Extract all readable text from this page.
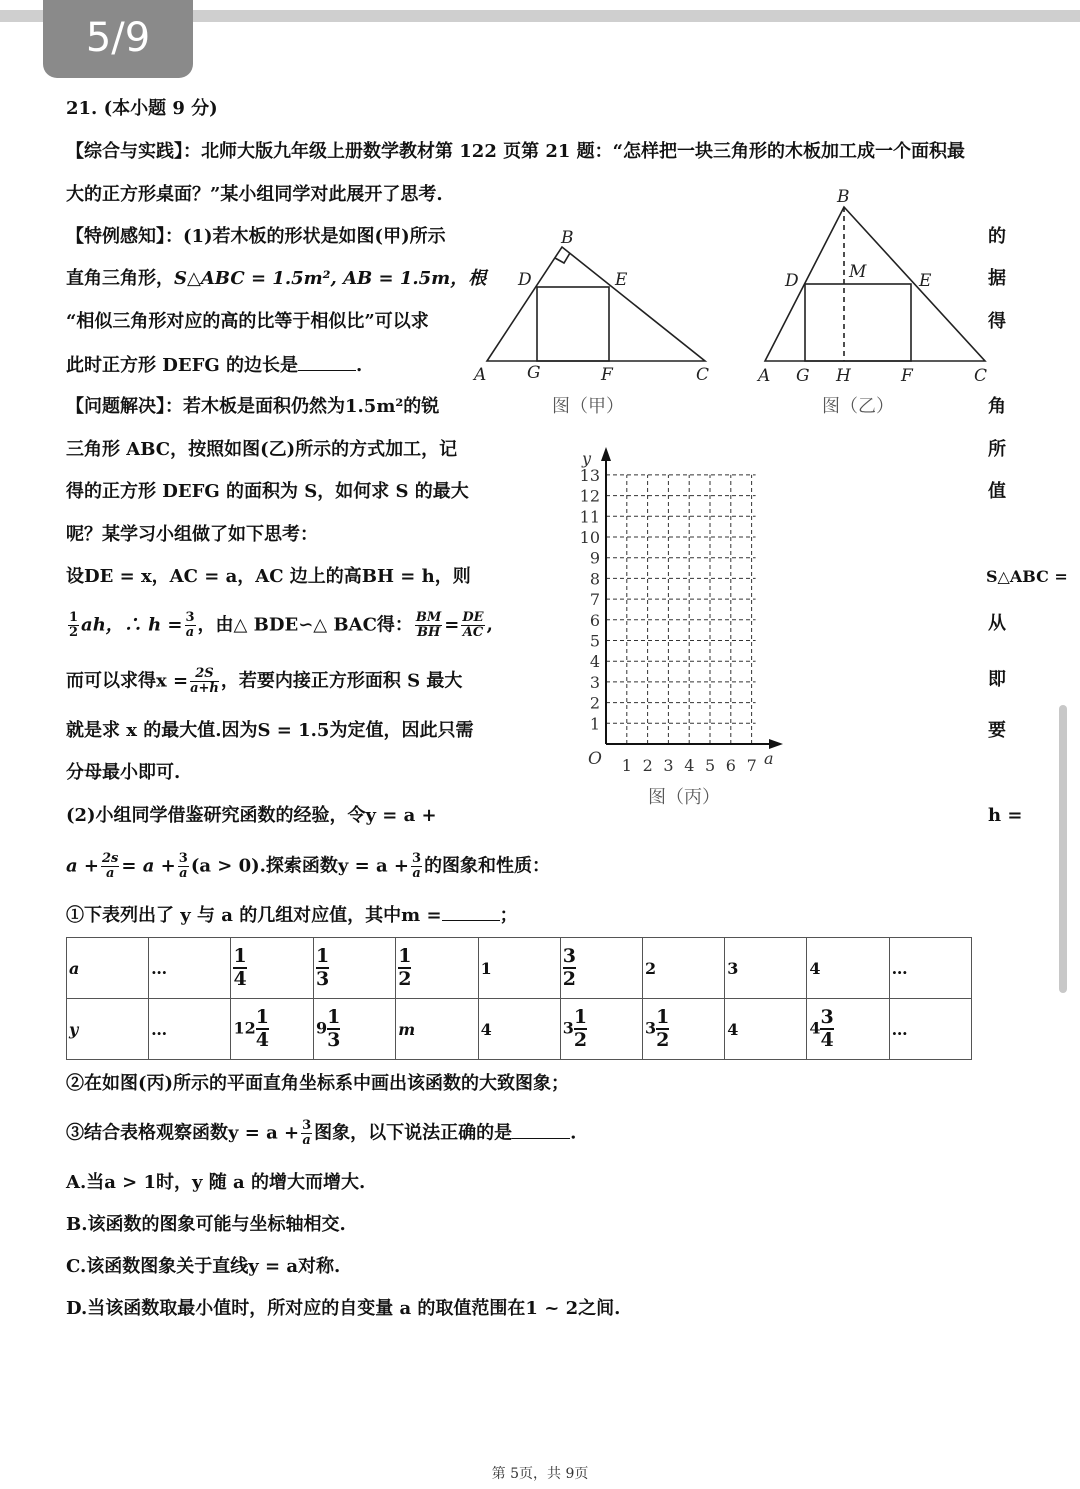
5/9
21. (本小题 9 分)
【综合与实践】：北师大版九年级上册数学教材第 122 页第 21 题：“怎样把一块三角形的木板加工成一个面积最
大的正方形桌面？”某小组同学对此展开了思考.
【特例感知】：(1)若木板的形状是如图(甲)所示	的
直角三角形，S△ABC = 1.5m², AB = 1.5m，根	据
“相似三角形对应的高的比等于相似比”可以求	得
此时正方形 DEFG 的边长是	.
【问题解决】：若木板是面积仍然为1.5m²的锐	角
三角形 ABC，按照如图(乙)所示的方式加工，记	所
得的正方形 DEFG 的面积为 S，如何求 S 的最大	值
呢？某学习小组做了如下思考：
设DE = x，AC = a，AC 边上的高BH = h，则	S△ABC =
$\frac{1}{2}$ ah，∴ $h = \frac{3}{a}$ ，由△ BDE∽△ BAC得： $\frac{BM}{BH} = \frac{DE}{AC}$ ,	从
而可以求得$x = \frac{2S}{a+h}$ ，若要内接正方形面积 S 最大	即
就是求 x 的最大值.因为S = 1.5为定值，因此只需	要
分母最小即可.
(2)小组同学借鉴研究函数的经验，令y = a +	h =
$a + \frac{2s}{a} = a + \frac{3}{a} (a > 0)$.探索函数$y = a + \frac{3}{a}$ 的图象和性质：
①下表列出了 y 与 a 的几组对应值，其中m =	；
a	…	$\frac{1}{4}$	$\frac{1}{3}$	$\frac{1}{2}$	1	$\frac{3}{2}$	2	3	4	…
y	…	$12 \frac{1}{4}$	$9 \frac{1}{3}$	m	4	$3 \frac{1}{2}$	$3 \frac{1}{2}$	4	$4 \frac{3}{4}$	…
②在如图(丙)所示的平面直角坐标系中画出该函数的大致图象；
③结合表格观察函数$y = a + \frac{3}{a}$ 图象，以下说法正确的是	.
A.当a > 1时，y 随 a 的增大而增大.
B.该函数的图象可能与坐标轴相交.
C.该函数图象关于直线y = a对称.
D.当该函数取最小值时，所对应的自变量 a 的取值范围在1 ~ 2之间.
A
B
C
D	E
F
G
图（甲）
A
B
C
D	E
F
G H
M
图（乙）
1 2 3 4 5 6 7
1
2
3
4
5
6
7
8
9
10
11
12
13
y
a
O
图（丙）
第 5页，共 9页
